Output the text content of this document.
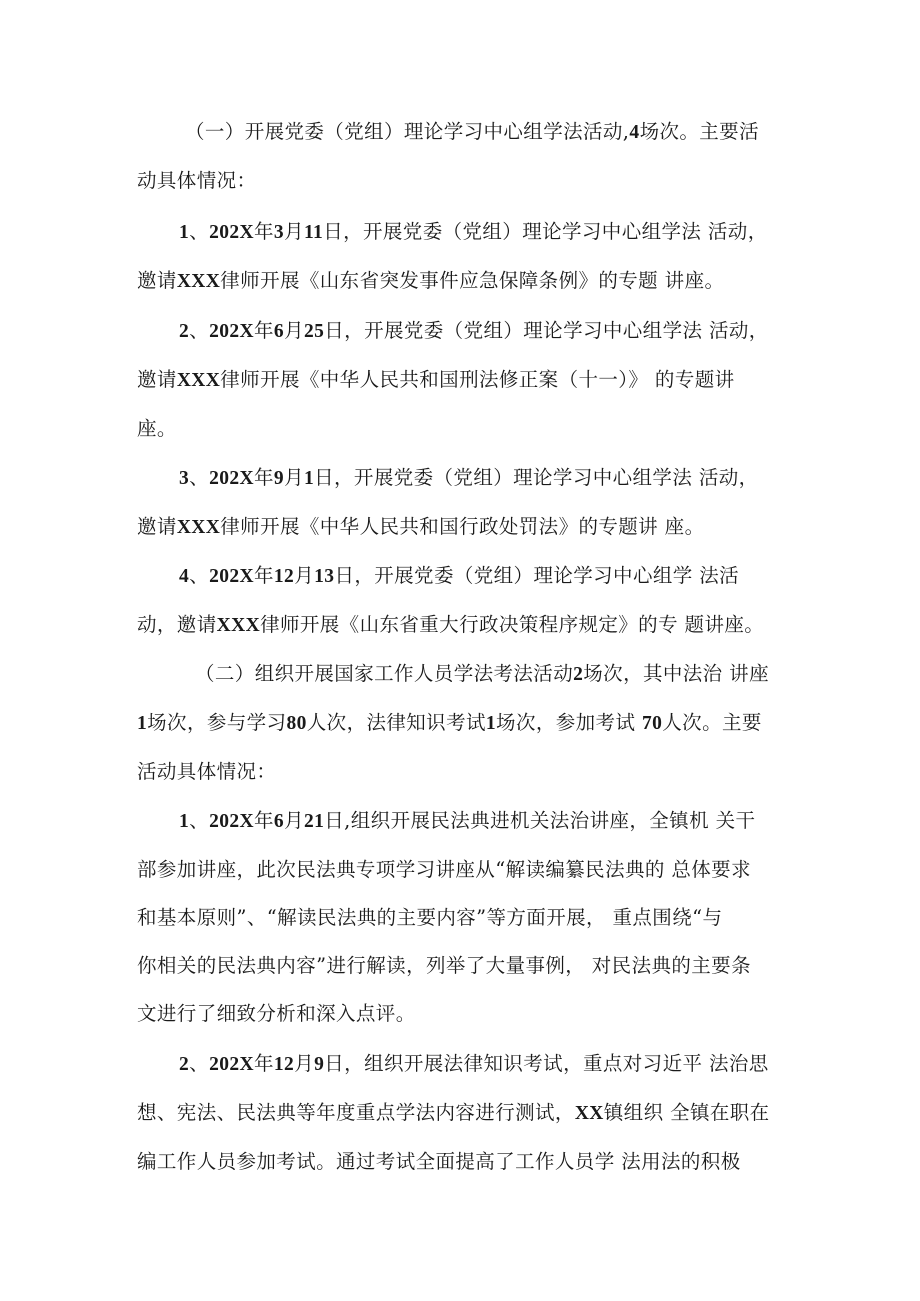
（一）开展党委（党组）理论学习中心组学法活动,4场次。主要活
动具体情况：
1、202X年3月11日，开展党委（党组）理论学习中心组学法 活动，
邀请XXX律师开展《山东省突发事件应急保障条例》的专题 讲座。
2、202X年6月25日，开展党委（党组）理论学习中心组学法 活动，
邀请XXX律师开展《中华人民共和国刑法修正案（十一）》 的专题讲
座。
3、202X年9月1日，开展党委（党组）理论学习中心组学法 活动，
邀请XXX律师开展《中华人民共和国行政处罚法》的专题讲 座。
4、202X年12月13日，开展党委（党组）理论学习中心组学 法活
动，邀请XXX律师开展《山东省重大行政决策程序规定》的专 题讲座。
（二）组织开展国家工作人员学法考法活动2场次，其中法治 讲座
1场次，参与学习80人次，法律知识考试1场次，参加考试 70人次。主要
活动具体情况：
1、202X年6月21日,组织开展民法典进机关法治讲座，全镇机 关干
部参加讲座，此次民法典专项学习讲座从“解读编纂民法典的 总体要求
和基本原则”、“解读民法典的主要内容”等方面开展， 重点围绕“与
你相关的民法典内容”进行解读，列举了大量事例， 对民法典的主要条
文进行了细致分析和深入点评。
2、202X年12月9日，组织开展法律知识考试，重点对习近平 法治思
想、宪法、民法典等年度重点学法内容进行测试，XX镇组织 全镇在职在
编工作人员参加考试。通过考试全面提高了工作人员学 法用法的积极
